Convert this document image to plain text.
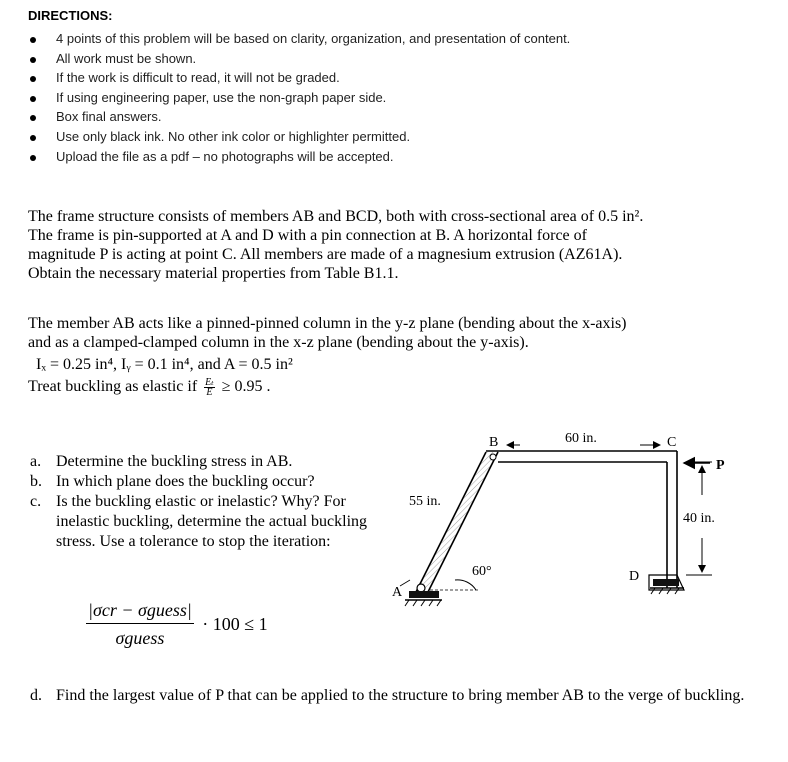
DIRECTIONS:
4 points of this problem will be based on clarity, organization, and presentation of content.
All work must be shown.
If the work is difficult to read, it will not be graded.
If using engineering paper, use the non-graph paper side.
Box final answers.
Use only black ink. No other ink color or highlighter permitted.
Upload the file as a pdf – no photographs will be accepted.
The frame structure consists of members AB and BCD, both with cross-sectional area of 0.5 in².
The frame is pin-supported at A and D with a pin connection at B. A horizontal force of
magnitude P is acting at point C. All members are made of a magnesium extrusion (AZ61A).
Obtain the necessary material properties from Table B1.1.
The member AB acts like a pinned-pinned column in the y-z plane (bending about the x-axis)
and as a clamped-clamped column in the x-z plane (bending about the y-axis).
Iₓ = 0.25 in⁴, Iᵧ = 0.1 in⁴, and A = 0.5 in²
Treat buckling as elastic if $\frac{\text{Eₜ}}{E} \ge 0.95$ .
a. Determine the buckling stress in AB.
b. In which plane does the buckling occur?
c. Is the buckling elastic or inelastic? Why? For inelastic buckling, determine the actual buckling stress. Use a tolerance to stop the iteration:
$\frac{\text{|σcr − σguess|}}{\text{σguess}} \cdot 100 \le 1$
d. Find the largest value of P that can be applied to the structure to bring member AB to the verge of buckling.
B	C
D
A
P
60 in.
55 in.
40 in.
60°
